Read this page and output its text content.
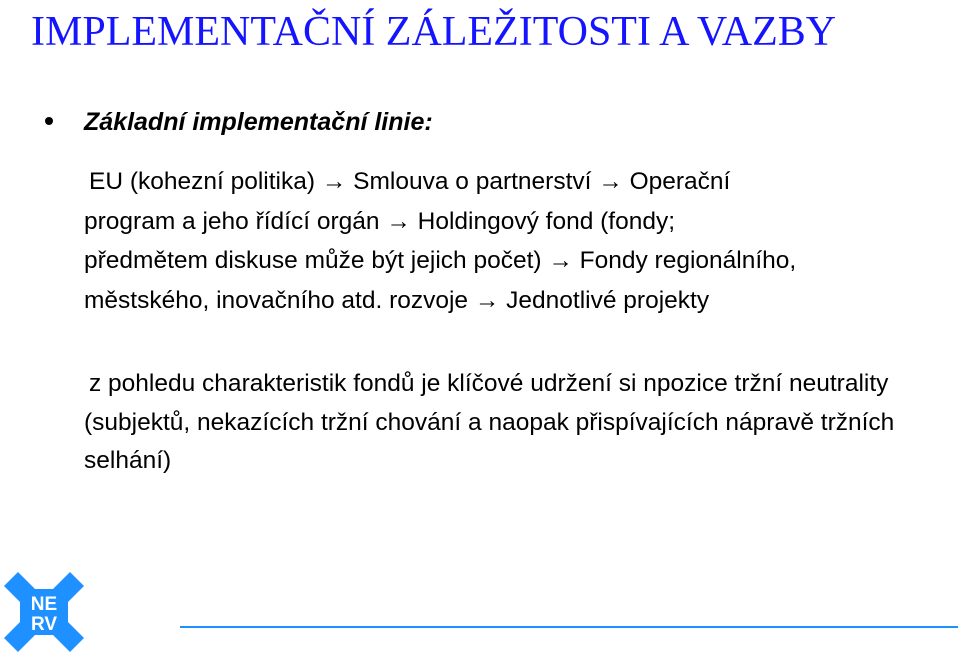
IMPLEMENTAČNÍ ZÁLEŽITOSTI A VAZBY
Základní implementační linie:
EU (kohezní politika) → Smlouva o partnerství → Operační program a jeho řídící orgán → Holdingový fond (fondy; předmětem diskuse může být jejich počet) → Fondy regionálního, městského, inovačního atd. rozvoje → Jednotlivé projekty
z pohledu charakteristik fondů je klíčové udržení si npozice tržní neutrality (subjektů, nekazících tržní chování a naopak přispívajících nápravě tržních selhání)
NE
RV
